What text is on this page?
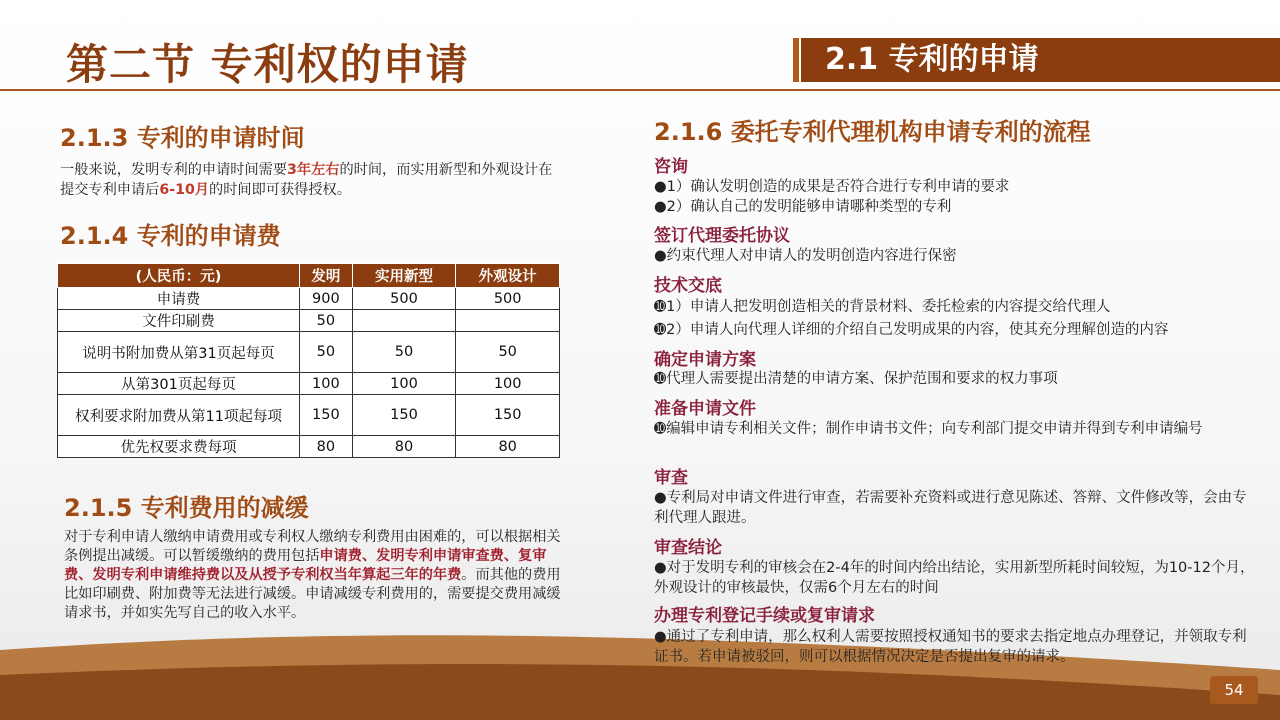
第二节 专利权的申请	2.1 专利的申请
2.1.3 专利的申请时间
一般来说，发明专利的申请时间需要3年左右的时间，而实用新型和外观设计在提交专利申请后6-10月的时间即可获得授权。
2.1.4 专利的申请费
(人民币：元)	发明	实用新型	外观设计
申请费	900	500	500
文件印刷费	50		
说明书附加费从第31页起每页	50	50	50
从第301页起每页	100	100	100
权利要求附加费从第11项起每项	150	150	150
优先权要求费每项	80	80	80
2.1.5 专利费用的减缓
对于专利申请人缴纳申请费用或专利权人缴纳专利费用由困难的，可以根据相关条例提出减缓。可以暂缓缴纳的费用包括申请费、发明专利申请审查费、复审费、发明专利申请维持费以及从授予专利权当年算起三年的年费。而其他的费用比如印刷费、附加费等无法进行减缓。申请减缓专利费用的，需要提交费用减缓请求书，并如实先写自己的收入水平。
2.1.6 委托专利代理机构申请专利的流程
咨询
●1）确认发明创造的成果是否符合进行专利申请的要求
●2）确认自己的发明能够申请哪种类型的专利
签订代理委托协议
●约束代理人对申请人的发明创造内容进行保密
技术交底
➓1）申请人把发明创造相关的背景材料、委托检索的内容提交给代理人
➓2）申请人向代理人详细的介绍自己发明成果的内容，使其充分理解创造的内容
确定申请方案
➓代理人需要提出清楚的申请方案、保护范围和要求的权力事项
准备申请文件
➓编辑申请专利相关文件；制作申请书文件；向专利部门提交申请并得到专利申请编号
审查
●专利局对申请文件进行审查，若需要补充资料或进行意见陈述、答辩、文件修改等，会由专利代理人跟进。
审查结论
●对于发明专利的审核会在2-4年的时间内给出结论，实用新型所耗时间较短，为10-12个月，外观设计的审核最快，仅需6个月左右的时间
办理专利登记手续或复审请求
●通过了专利申请，那么权利人需要按照授权通知书的要求去指定地点办理登记，并领取专利证书。若申请被驳回，则可以根据情况决定是否提出复审的请求。
54
